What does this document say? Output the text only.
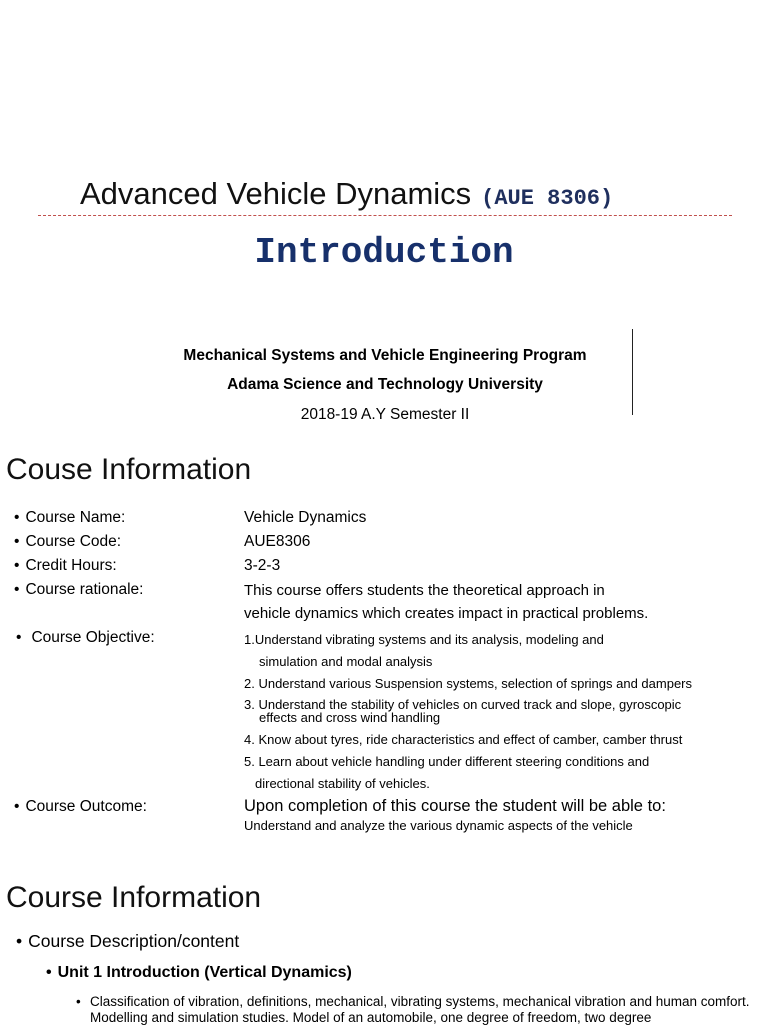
Advanced Vehicle Dynamics (AUE 8306)
Introduction
Mechanical Systems and Vehicle Engineering Program
Adama Science and Technology University
2018-19 A.Y Semester II
Couse Information
• Course Name:	Vehicle Dynamics
• Course Code:	AUE8306
• Credit Hours:	3-2-3
• Course rationale:	This course offers students the theoretical approach in
vehicle dynamics which creates impact in practical problems.
• Course Objective:	1.Understand vibrating systems and its analysis, modeling and
simulation and modal analysis
2. Understand various Suspension systems, selection of springs and dampers
3. Understand the stability of vehicles on curved track and slope, gyroscopic
effects and cross wind handling
4. Know about tyres, ride characteristics and effect of camber, camber thrust
5. Learn about vehicle handling under different steering conditions and
directional stability of vehicles.
• Course Outcome:	Upon completion of this course the student will be able to:
Understand and analyze the various dynamic aspects of the vehicle
Course Information
• Course Description/content
• Unit 1 Introduction (Vertical Dynamics)
• Classification of vibration, definitions, mechanical, vibrating systems, mechanical vibration and human comfort. Modelling and simulation studies. Model of an automobile, one degree of freedom, two degree
